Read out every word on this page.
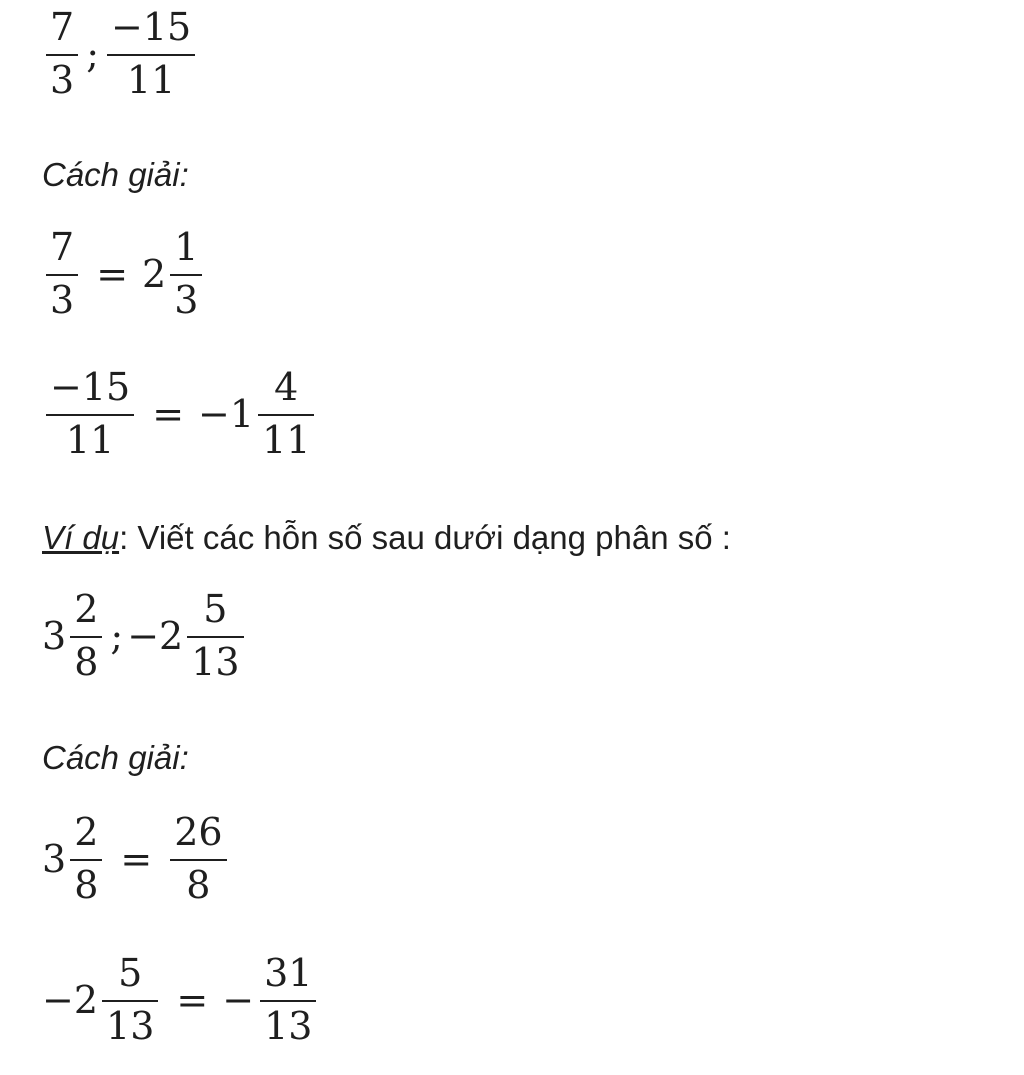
$\frac{7}{3}$ ; $\frac{-15}{11}$
Cách giải:
$\frac{7}{3} = 2 \frac{1}{3}$
$\frac{-15}{11} = -1 \frac{4}{11}$
Ví dụ : Viết các hỗn số sau dưới dạng phân số :
$3 \frac{2}{8}$ ; $-2 \frac{5}{13}$
Cách giải:
$3 \frac{2}{8} = \frac{26}{8}$
$-2 \frac{5}{13}$ = − $\frac{31}{13}$
